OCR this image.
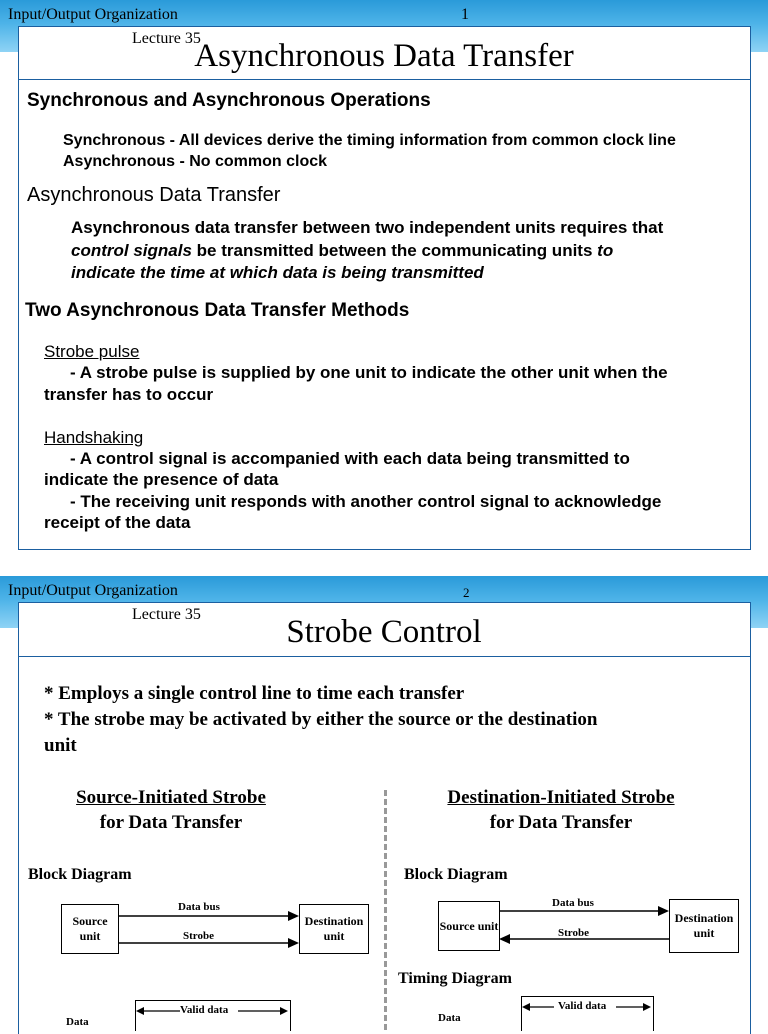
Input/Output Organization	1
Lecture 35
Asynchronous Data Transfer
Synchronous and Asynchronous Operations
Synchronous - All devices derive the timing information from common clock line
Asynchronous - No common clock
Asynchronous Data Transfer
Asynchronous data transfer between two independent units requires that
control signals be transmitted between the communicating units to
indicate the time at which data is being transmitted
Two Asynchronous Data Transfer Methods
Strobe pulse
- A strobe pulse is supplied by one unit to indicate the other unit when the
transfer has to occur
Handshaking
- A control signal is accompanied with each data being transmitted to
indicate the presence of data
- The receiving unit responds with another control signal to acknowledge
receipt of the data
Input/Output Organization	2
Lecture 35	Strobe Control
* Employs a single control line to time each transfer
* The strobe may be activated by either the source or the destination
unit
Source-Initiated Strobe
for Data Transfer
Block Diagram
Source unit
Destination unit
Data bus
Strobe
Valid data
Data
Destination-Initiated Strobe
for Data Transfer
Block Diagram
Source unit
Destination unit
Data bus
Strobe
Timing Diagram
Valid data
Data
